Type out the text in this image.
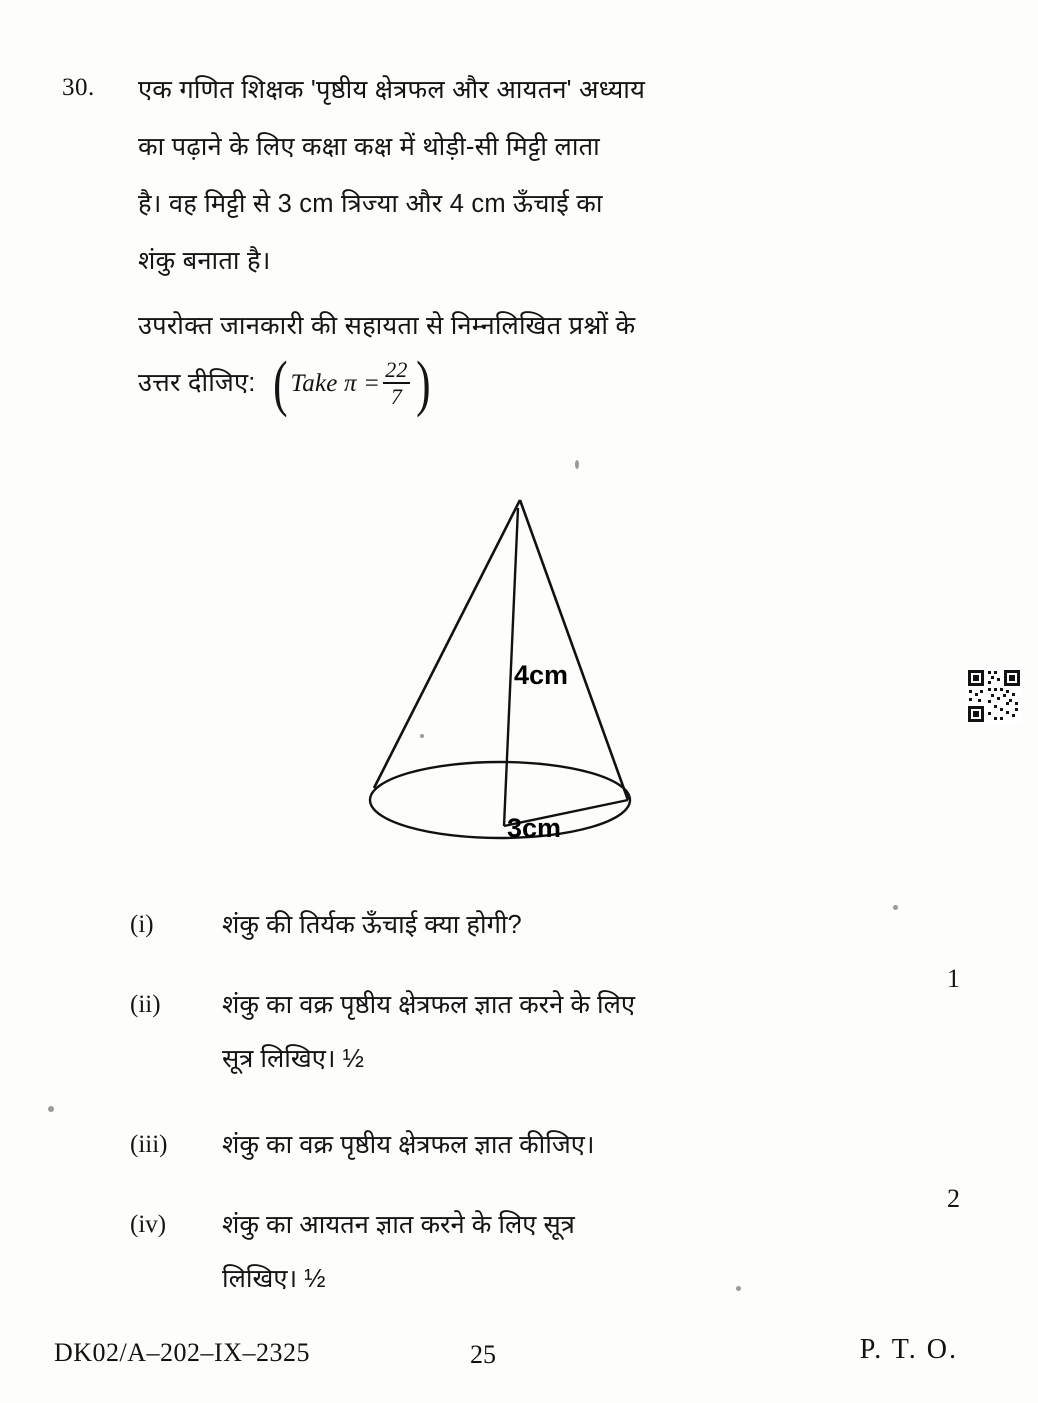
30. एक गणित शिक्षक 'पृष्ठीय क्षेत्रफल और आयतन' अध्याय
का पढ़ाने के लिए कक्षा कक्ष में थोड़ी-सी मिट्टी लाता
है। वह मिट्टी से 3 cm त्रिज्या और 4 cm ऊँचाई का
शंकु बनाता है।
उपरोक्त जानकारी की सहायता से निम्नलिखित प्रश्नों के
उत्तर दीजिए: ( Take $\pi = \frac{22}{7}$ )
4cm
3cm
(i)	शंकु की तिर्यक ऊँचाई क्या होगी?
1
(ii)	शंकु का वक्र पृष्ठीय क्षेत्रफल ज्ञात करने के लिए
सूत्र लिखिए। ½
(iii)	शंकु का वक्र पृष्ठीय क्षेत्रफल ज्ञात कीजिए।
2
(iv)	शंकु का आयतन ज्ञात करने के लिए सूत्र
लिखिए। ½
DK02/A–202–IX–2325	25	P. T. O.
